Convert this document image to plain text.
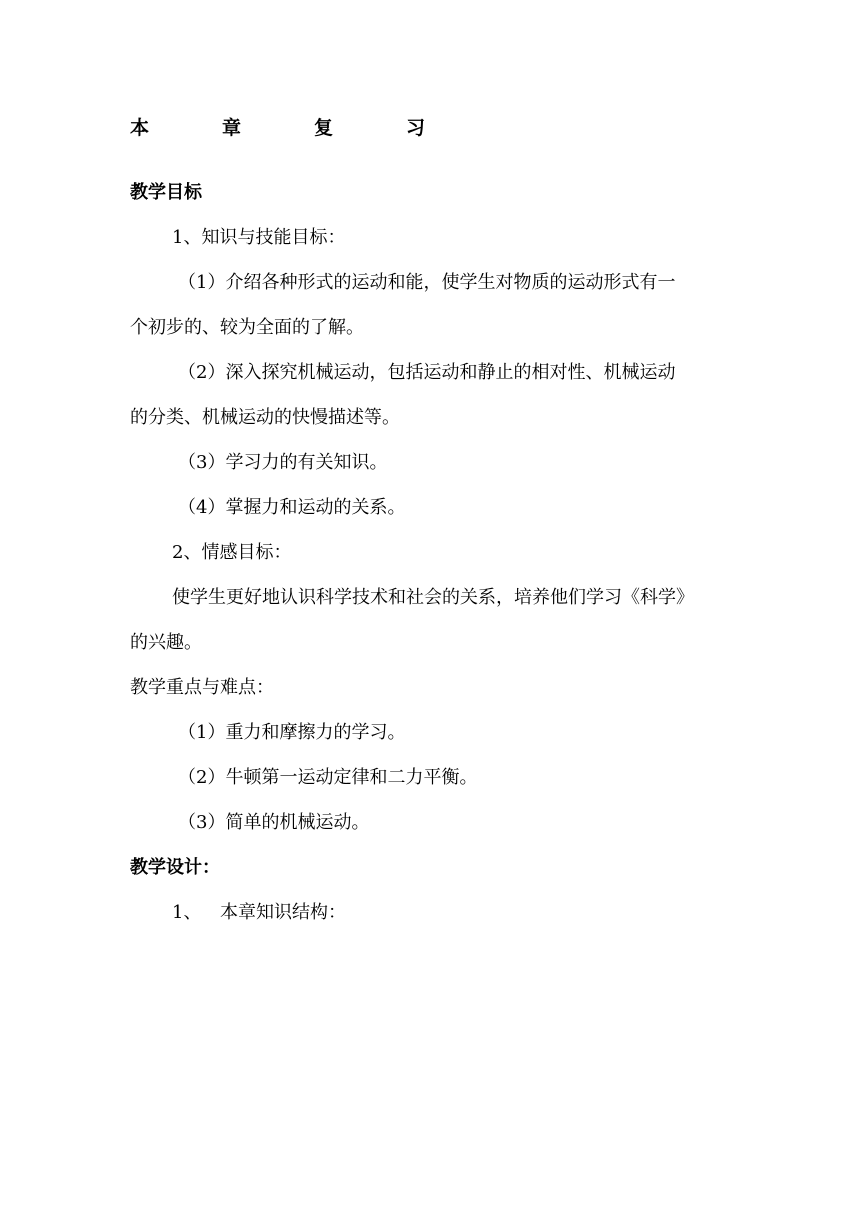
本	章	复	习
教学目标
1、知识与技能目标：
（1）介绍各种形式的运动和能，使学生对物质的运动形式有一
个初步的、较为全面的了解。
（2）深入探究机械运动，包括运动和静止的相对性、机械运动
的分类、机械运动的快慢描述等。
（3）学习力的有关知识。
（4）掌握力和运动的关系。
2、情感目标：
使学生更好地认识科学技术和社会的关系，培养他们学习《科学》
的兴趣。
教学重点与难点：
（1）重力和摩擦力的学习。
（2）牛顿第一运动定律和二力平衡。
（3）简单的机械运动。
教学设计：
1、 本章知识结构：
